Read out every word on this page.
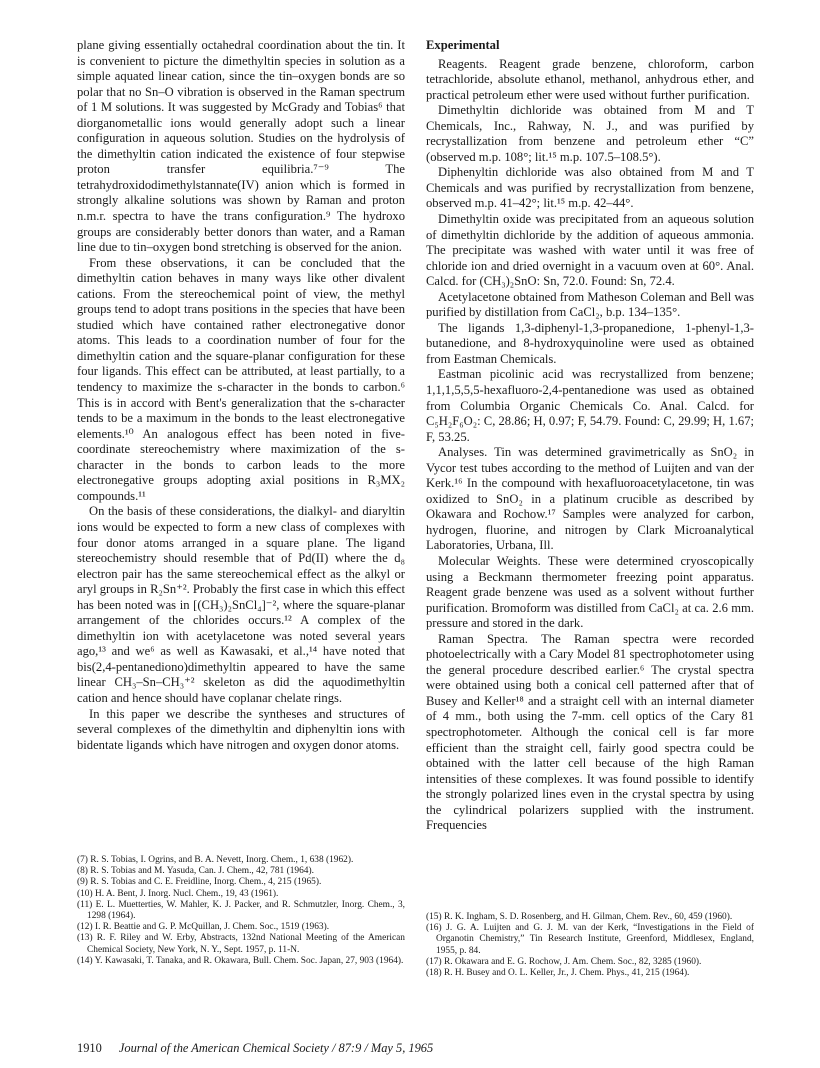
plane giving essentially octahedral coordination about the tin. It is convenient to picture the dimethyltin species in solution as a simple aquated linear cation, since the tin–oxygen bonds are so polar that no Sn–O vibration is observed in the Raman spectrum of 1 M solutions. It was suggested by McGrady and Tobias⁶ that diorganometallic ions would generally adopt such a linear configuration in aqueous solution. Studies on the hydrolysis of the dimethyltin cation indicated the existence of four stepwise proton transfer equilibria.⁷⁻⁹ The tetrahydroxidodimethylstannate(IV) anion which is formed in strongly alkaline solutions was shown by Raman and proton n.m.r. spectra to have the trans configuration.⁹ The hydroxo groups are considerably better donors than water, and a Raman line due to tin–oxygen bond stretching is observed for the anion.

From these observations, it can be concluded that the dimethyltin cation behaves in many ways like other divalent cations. From the stereochemical point of view, the methyl groups tend to adopt trans positions in the species that have been studied which have contained rather electronegative donor atoms. This leads to a coordination number of four for the dimethyltin cation and the square-planar configuration for these four ligands. This effect can be attributed, at least partially, to a tendency to maximize the s-character in the bonds to carbon.⁶ This is in accord with Bent's generalization that the s-character tends to be a maximum in the bonds to the least electronegative elements.¹⁰ An analogous effect has been noted in five-coordinate stereochemistry where maximization of the s-character in the bonds to carbon leads to the more electronegative groups adopting axial positions in R₃MX₂ compounds.¹¹

On the basis of these considerations, the dialkyl- and diaryltin ions would be expected to form a new class of complexes with four donor atoms arranged in a square plane. The ligand stereochemistry should resemble that of Pd(II) where the d₈ electron pair has the same stereochemical effect as the alkyl or aryl groups in R₂Sn⁺². Probably the first case in which this effect has been noted was in [(CH₃)₂SnCl₄]⁻², where the square-planar arrangement of the chlorides occurs.¹² A complex of the dimethyltin ion with acetylacetone was noted several years ago,¹³ and we⁶ as well as Kawasaki, et al.,¹⁴ have noted that bis(2,4-pentanediono)dimethyltin appeared to have the same linear CH₃–Sn–CH₃⁺² skeleton as did the aquodimethyltin cation and hence should have coplanar chelate rings.

In this paper we describe the syntheses and structures of several complexes of the dimethyltin and diphenyltin ions with bidentate ligands which have nitrogen and oxygen donor atoms.

(7) R. S. Tobias, I. Ogrins, and B. A. Nevett, Inorg. Chem., 1, 638 (1962).
(8) R. S. Tobias and M. Yasuda, Can. J. Chem., 42, 781 (1964).
(9) R. S. Tobias and C. E. Freidline, Inorg. Chem., 4, 215 (1965).
(10) H. A. Bent, J. Inorg. Nucl. Chem., 19, 43 (1961).
(11) E. L. Muetterties, W. Mahler, K. J. Packer, and R. Schmutzler, Inorg. Chem., 3, 1298 (1964).
(12) I. R. Beattie and G. P. McQuillan, J. Chem. Soc., 1519 (1963).
(13) R. F. Riley and W. Erby, Abstracts, 132nd National Meeting of the American Chemical Society, New York, N. Y., Sept. 1957, p. 11-N.
(14) Y. Kawasaki, T. Tanaka, and R. Okawara, Bull. Chem. Soc. Japan, 27, 903 (1964).
Experimental

Reagents. Reagent grade benzene, chloroform, carbon tetrachloride, absolute ethanol, methanol, anhydrous ether, and practical petroleum ether were used without further purification.

Dimethyltin dichloride was obtained from M and T Chemicals, Inc., Rahway, N. J., and was purified by recrystallization from benzene and petroleum ether “C” (observed m.p. 108°; lit.¹⁵ m.p. 107.5–108.5°).

Diphenyltin dichloride was also obtained from M and T Chemicals and was purified by recrystallization from benzene, observed m.p. 41–42°; lit.¹⁵ m.p. 42–44°.

Dimethyltin oxide was precipitated from an aqueous solution of dimethyltin dichloride by the addition of aqueous ammonia. The precipitate was washed with water until it was free of chloride ion and dried overnight in a vacuum oven at 60°. Anal. Calcd. for (CH₃)₂SnO: Sn, 72.0. Found: Sn, 72.4.

Acetylacetone obtained from Matheson Coleman and Bell was purified by distillation from CaCl₂, b.p. 134–135°.

The ligands 1,3-diphenyl-1,3-propanedione, 1-phenyl-1,3-butanedione, and 8-hydroxyquinoline were used as obtained from Eastman Chemicals.

Eastman picolinic acid was recrystallized from benzene; 1,1,1,5,5,5-hexafluoro-2,4-pentanedione was used as obtained from Columbia Organic Chemicals Co. Anal. Calcd. for C₅H₂F₆O₂: C, 28.86; H, 0.97; F, 54.79. Found: C, 29.99; H, 1.67; F, 53.25.

Analyses. Tin was determined gravimetrically as SnO₂ in Vycor test tubes according to the method of Luijten and van der Kerk.¹⁶ In the compound with hexafluoroacetylacetone, tin was oxidized to SnO₂ in a platinum crucible as described by Okawara and Rochow.¹⁷ Samples were analyzed for carbon, hydrogen, fluorine, and nitrogen by Clark Microanalytical Laboratories, Urbana, Ill.

Molecular Weights. These were determined cryoscopically using a Beckmann thermometer freezing point apparatus. Reagent grade benzene was used as a solvent without further purification. Bromoform was distilled from CaCl₂ at ca. 2.6 mm. pressure and stored in the dark.

Raman Spectra. The Raman spectra were recorded photoelectrically with a Cary Model 81 spectrophotometer using the general procedure described earlier.⁶ The crystal spectra were obtained using both a conical cell patterned after that of Busey and Keller¹⁸ and a straight cell with an internal diameter of 4 mm., both using the 7-mm. cell optics of the Cary 81 spectrophotometer. Although the conical cell is far more efficient than the straight cell, fairly good spectra could be obtained with the latter cell because of the high Raman intensities of these complexes. It was found possible to identify the strongly polarized lines even in the crystal spectra by using the cylindrical polarizers supplied with the instrument. Frequencies

(15) R. K. Ingham, S. D. Rosenberg, and H. Gilman, Chem. Rev., 60, 459 (1960).
(16) J. G. A. Luijten and G. J. M. van der Kerk, “Investigations in the Field of Organotin Chemistry,” Tin Research Institute, Greenford, Middlesex, England, 1955, p. 84.
(17) R. Okawara and E. G. Rochow, J. Am. Chem. Soc., 82, 3285 (1960).
(18) R. H. Busey and O. L. Keller, Jr., J. Chem. Phys., 41, 215 (1964).
1910 Journal of the American Chemical Society / 87:9 / May 5, 1965
